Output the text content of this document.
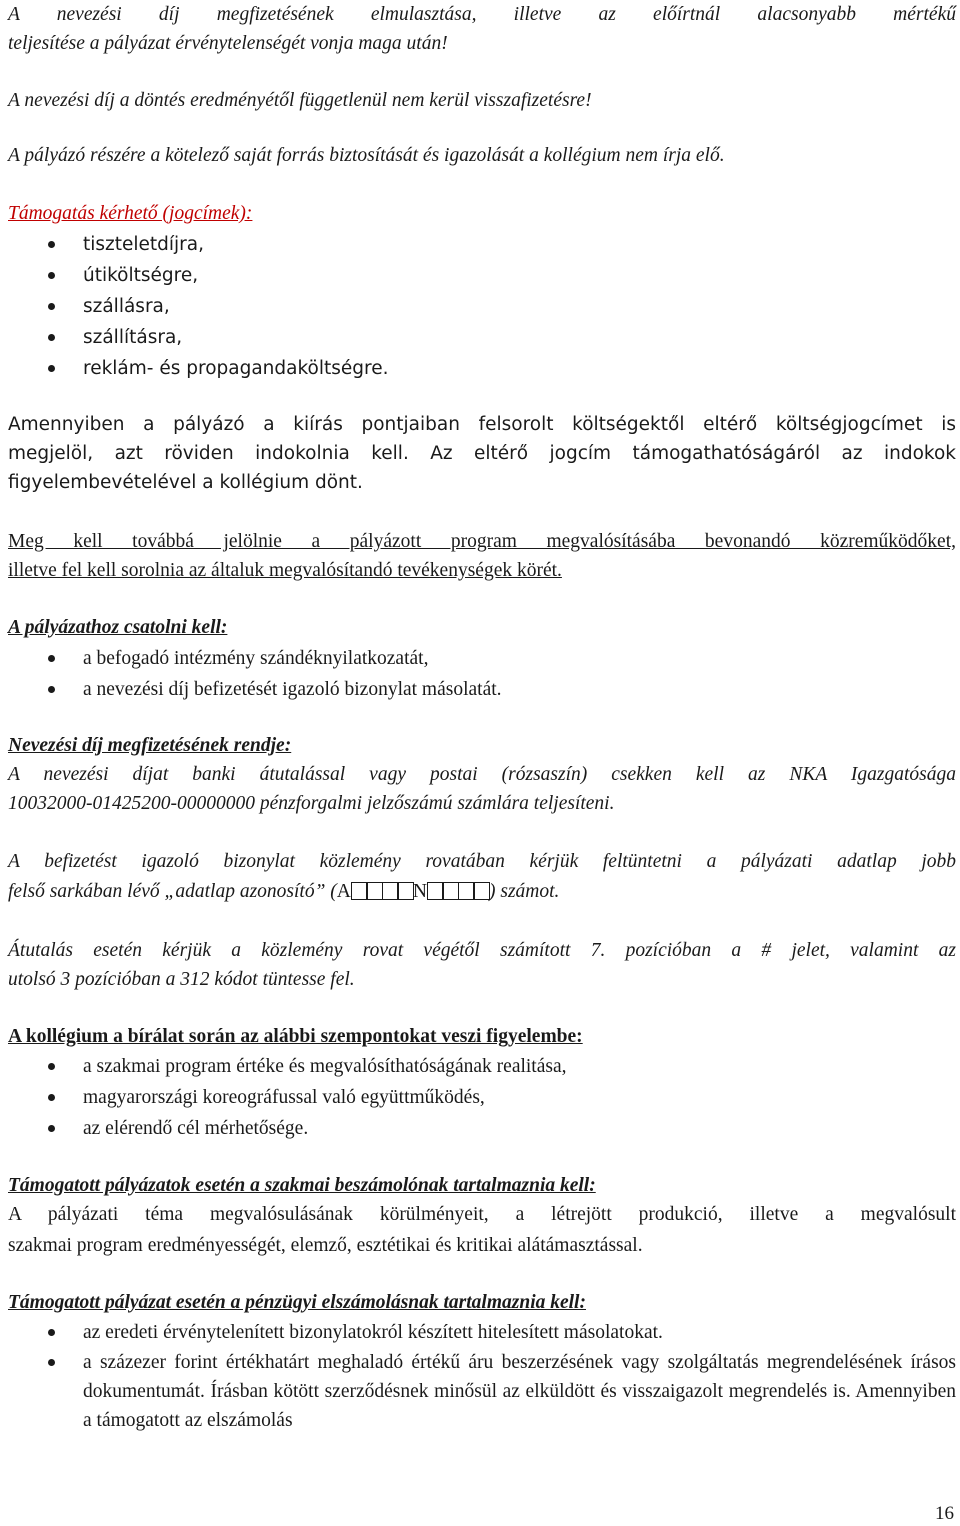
A nevezési díj megfizetésének elmulasztása, illetve az előírtnál alacsonyabb mértékű
teljesítése a pályázat érvénytelenségét vonja maga után!
A nevezési díj a döntés eredményétől függetlenül nem kerül visszafizetésre!
A pályázó részére a kötelező saját forrás biztosítását és igazolását a kollégium nem írja elő.
Támogatás kérhető (jogcímek):
tiszteletdíjra,
útiköltségre,
szállásra,
szállításra,
reklám- és propagandaköltségre.
Amennyiben a pályázó a kiírás pontjaiban felsorolt költségektől eltérő költségjogcímet is
megjelöl, azt röviden indokolnia kell. Az eltérő jogcím támogathatóságáról az indokok
figyelembevételével a kollégium dönt.
Meg kell továbbá jelölnie a pályázott program megvalósításába bevonandó közreműködőket,
illetve fel kell sorolnia az általuk megvalósítandó tevékenységek körét.
A pályázathoz csatolni kell:
a befogadó intézmény szándéknyilatkozatát,
a nevezési díj befizetését igazoló bizonylat másolatát.
Nevezési díj megfizetésének rendje:
A nevezési díjat banki átutalással vagy postai (rózsaszín) csekken kell az NKA Igazgatósága
10032000-01425200-00000000 pénzforgalmi jelzőszámú számlára teljesíteni.
A befizetést igazoló bizonylat közlemény rovatában kérjük feltüntetni a pályázati adatlap jobb
felső sarkában lévő „adatlap azonosító” (A	N	) számot.
Átutalás esetén kérjük a közlemény rovat végétől számított 7. pozícióban a # jelet, valamint az
utolsó 3 pozícióban a 312 kódot tüntesse fel.
A kollégium a bírálat során az alábbi szempontokat veszi figyelembe:
a szakmai program értéke és megvalósíthatóságának realitása,
magyarországi koreográfussal való együttműködés,
az elérendő cél mérhetősége.
Támogatott pályázatok esetén a szakmai beszámolónak tartalmaznia kell:
A pályázati téma megvalósulásának körülményeit, a létrejött produkció, illetve a megvalósult
szakmai program eredményességét, elemző, esztétikai és kritikai alátámasztással.
Támogatott pályázat esetén a pénzügyi elszámolásnak tartalmaznia kell:
az eredeti érvénytelenített bizonylatokról készített hitelesített másolatokat.
a százezer forint értékhatárt meghaladó értékű áru beszerzésének vagy szolgáltatás megrendelésének írásos dokumentumát. Írásban kötött szerződésnek minősül az elküldött és visszaigazolt megrendelés is. Amennyiben a támogatott az elszámolás
16
